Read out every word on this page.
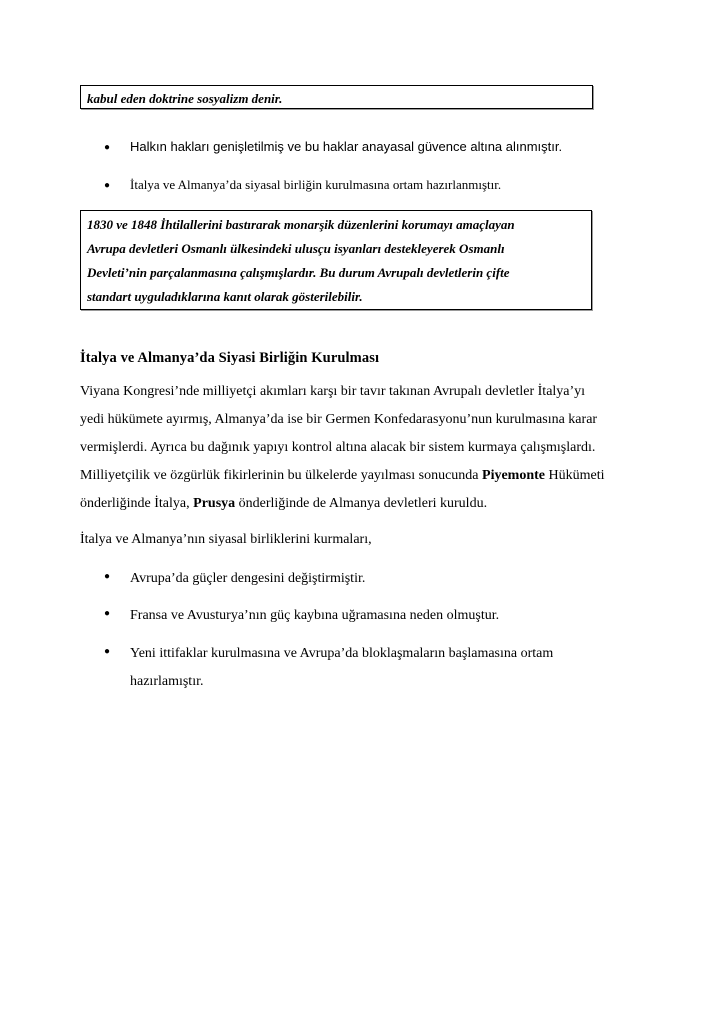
kabul eden doktrine sosyalizm denir.
●	Halkın hakları genişletilmiş ve bu haklar anayasal güvence altına alınmıştır.
●	İtalya ve Almanya’da siyasal birliğin kurulmasına ortam hazırlanmıştır.

1830 ve 1848 İhtilallerini bastırarak monarşik düzenlerini korumayı amaçlayan

Avrupa devletleri Osmanlı ülkesindeki ulusçu isyanları destekleyerek Osmanlı

Devleti’nin parçalanmasına çalışmışlardır. Bu durum Avrupalı devletlerin çifte

standart uyguladıklarına kanıt olarak gösterilebilir.

İtalya ve Almanya’da Siyasi Birliğin Kurulması
Viyana Kongresi’nde milliyetçi akımları karşı bir tavır takınan Avrupalı devletler İtalya’yı
yedi hükümete ayırmış, Almanya’da ise bir Germen Konfedarasyonu’nun kurulmasına karar
vermişlerdi. Ayrıca bu dağınık yapıyı kontrol altına alacak bir sistem kurmaya çalışmışlardı.
Milliyetçilik ve özgürlük fikirlerinin bu ülkelerde yayılması sonucunda Piyemonte Hükümeti
önderliğinde İtalya, Prusya önderliğinde de Almanya devletleri kuruldu.
İtalya ve Almanya’nın siyasal birliklerini kurmaları,
●	Avrupa’da güçler dengesini değiştirmiştir.
●	Fransa ve Avusturya’nın güç kaybına uğramasına neden olmuştur.
●	Yeni ittifaklar kurulmasına ve Avrupa’da bloklaşmaların başlamasına ortam
hazırlamıştır.
